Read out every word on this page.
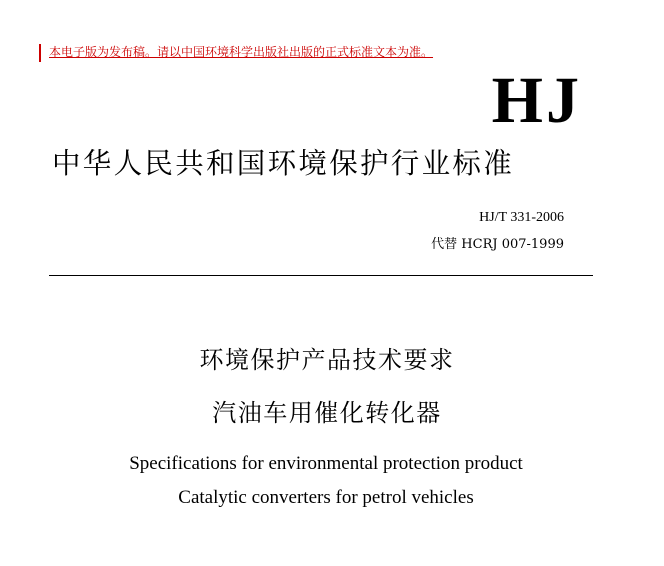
本电子版为发布稿。请以中国环境科学出版社出版的正式标准文本为准。
HJ
中华人民共和国环境保护行业标准
HJ/T 331-2006
代替 HCRJ 007-1999
环境保护产品技术要求
汽油车用催化转化器
Specifications for environmental protection product
Catalytic converters for petrol vehicles
